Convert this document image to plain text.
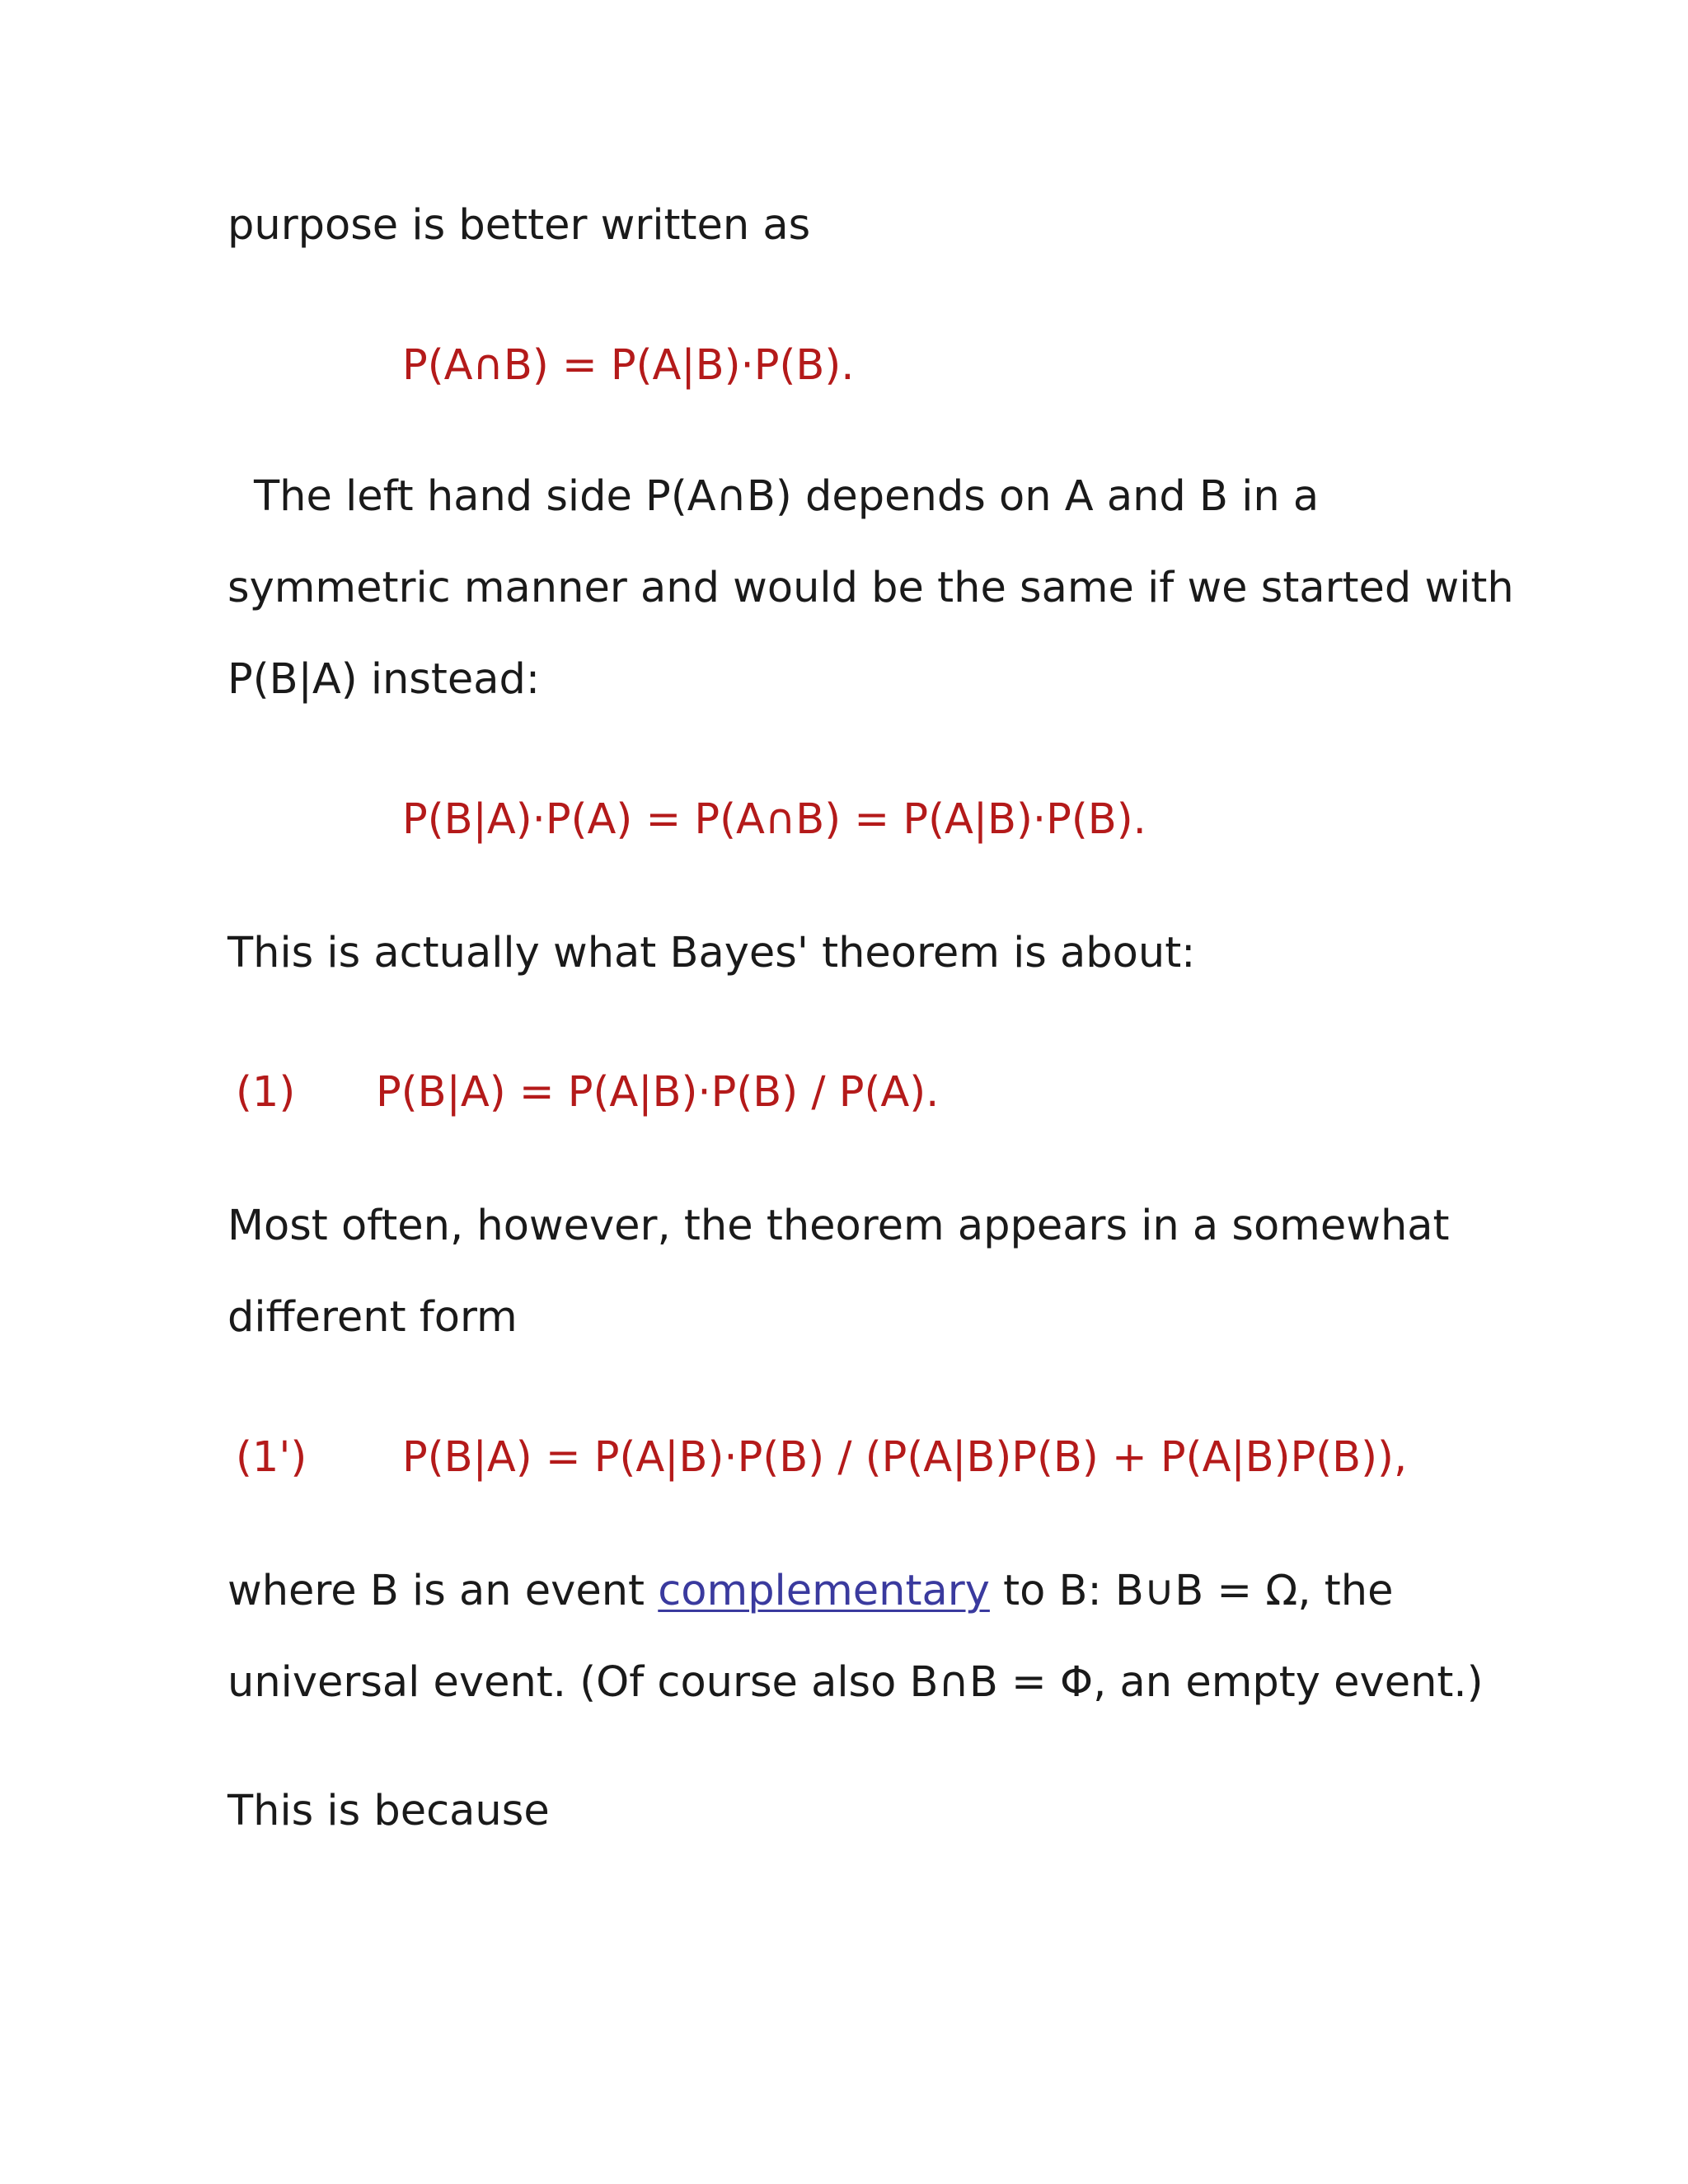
purpose is better written as
P(A∩B) = P(A|B)·P(B).
The left hand side P(A∩B) depends on A and B in a
symmetric manner and would be the same if we started with
P(B|A) instead:
P(B|A)·P(A) = P(A∩B) = P(A|B)·P(B).
This is actually what Bayes' theorem is about:
(1) P(B|A) = P(A|B)·P(B) / P(A).
Most often, however, the theorem appears in a somewhat
different form
(1') P(B|A) = P(A|B)·P(B) / (P(A|B)P(B) + P(A|B)P(B)),
where B is an event complementary to B: B∪B = Ω, the
universal event. (Of course also B∩B = Φ, an empty event.)
This is because
